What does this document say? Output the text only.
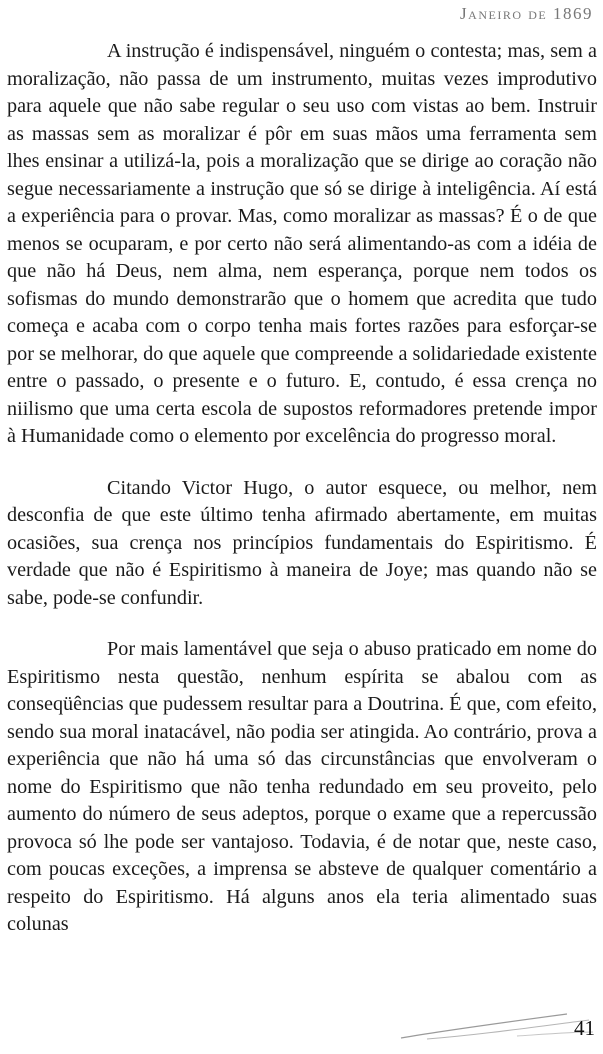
Janeiro de 1869

A instrução é indispensável, ninguém o contesta; mas, sem a moralização, não passa de um instrumento, muitas vezes improdutivo para aquele que não sabe regular o seu uso com vistas ao bem. Instruir as massas sem as moralizar é pôr em suas mãos uma ferramenta sem lhes ensinar a utilizá-la, pois a moralização que se dirige ao coração não segue necessariamente a instrução que só se dirige à inteligência. Aí está a experiência para o provar. Mas, como moralizar as massas? É o de que menos se ocuparam, e por certo não será alimentando-as com a idéia de que não há Deus, nem alma, nem esperança, porque nem todos os sofismas do mundo demonstrarão que o homem que acredita que tudo começa e acaba com o corpo tenha mais fortes razões para esforçar-se por se melhorar, do que aquele que compreende a solidariedade existente entre o passado, o presente e o futuro. E, contudo, é essa crença no niilismo que uma certa escola de supostos reformadores pretende impor à Humanidade como o elemento por excelência do progresso moral.

Citando Victor Hugo, o autor esquece, ou melhor, nem desconfia de que este último tenha afirmado abertamente, em muitas ocasiões, sua crença nos princípios fundamentais do Espiritismo. É verdade que não é Espiritismo à maneira de Joye; mas quando não se sabe, pode-se confundir.

Por mais lamentável que seja o abuso praticado em nome do Espiritismo nesta questão, nenhum espírita se abalou com as conseqüências que pudessem resultar para a Doutrina. É que, com efeito, sendo sua moral inatacável, não podia ser atingida. Ao contrário, prova a experiência que não há uma só das circunstâncias que envolveram o nome do Espiritismo que não tenha redundado em seu proveito, pelo aumento do número de seus adeptos, porque o exame que a repercussão provoca só lhe pode ser vantajoso. Todavia, é de notar que, neste caso, com poucas exceções, a imprensa se absteve de qualquer comentário a respeito do Espiritismo. Há alguns anos ela teria alimentado suas colunas

41
